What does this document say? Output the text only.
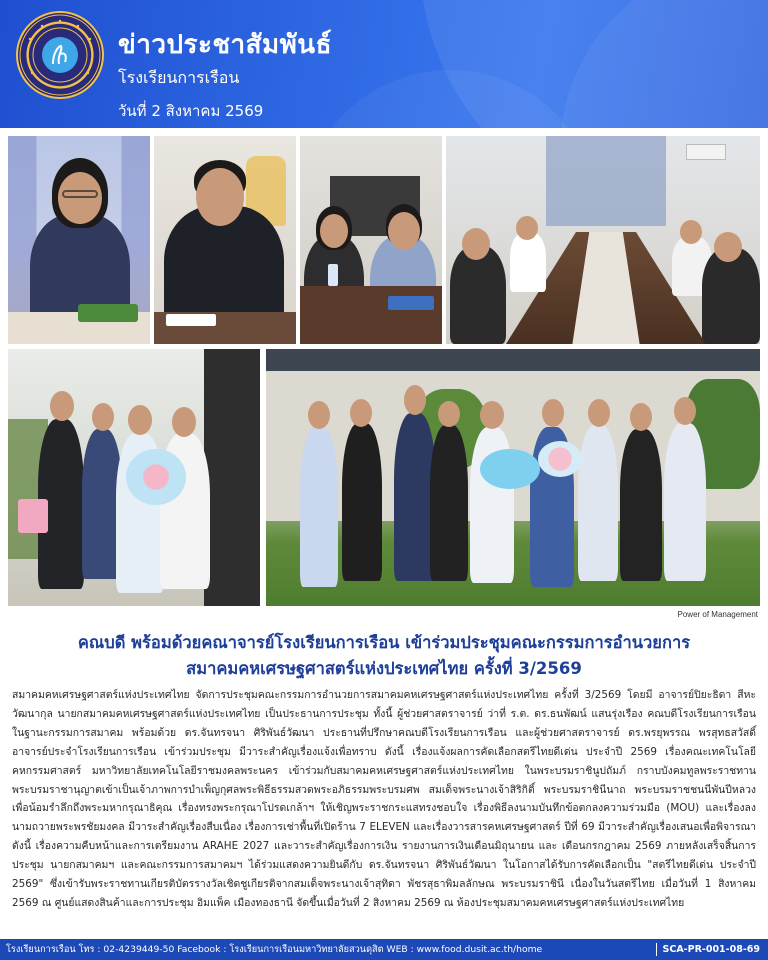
ข่าวประชาสัมพันธ์
โรงเรียนการเรือน
วันที่ 2 สิงหาคม 2569
Power of Management
คณบดี พร้อมด้วยคณาจารย์โรงเรียนการเรือน เข้าร่วมประชุมคณะกรรมการอำนวยการ
สมาคมคหเศรษฐศาสตร์แห่งประเทศไทย ครั้งที่ 3/2569
สมาคมคหเศรษฐศาสตร์แห่งประเทศไทย จัดการประชุมคณะกรรมการอำนวยการสมาคมคหเศรษฐศาสตร์แห่งประเทศไทย ครั้งที่ 3/2569 โดยมี อาจารย์ปิยะธิดา สีหะวัฒนากุล นายกสมาคมคหเศรษฐศาสตร์แห่งประเทศไทย เป็นประธานการประชุม ทั้งนี้ ผู้ช่วยศาสตราจารย์ ว่าที่ ร.ต. ดร.ธนพัฒน์ แสนรุ่งเรือง คณบดีโรงเรียนการเรือน ในฐานะกรรมการสมาคม พร้อมด้วย ดร.จันทรจนา ศิริพันธ์วัฒนา ประธานที่ปรึกษาคณบดีโรงเรียนการเรือน และผู้ช่วยศาสตราจารย์ ดร.พรยุพรรณ พรสุทธสวัสดิ์ อาจารย์ประจำโรงเรียนการเรือน เข้าร่วมประชุม มีวาระสำคัญเรื่องแจ้งเพื่อทราบ ดังนี้ เรื่องแจ้งผลการคัดเลือกสตรีไทยดีเด่น ประจำปี 2569 เรื่องคณะเทคโนโลยีคหกรรมศาสตร์ มหาวิทยาลัยเทคโนโลยีราชมงคลพระนคร เข้าร่วมกับสมาคมคหเศรษฐศาสตร์แห่งประเทศไทย ในพระบรมราชินูปถัมภ์ กราบบังคมทูลพระราชทานพระบรมราชานุญาตเข้าเป็นเจ้าภาพการบำเพ็ญกุศลพระพิธีธรรมสวดพระอภิธรรมพระบรมศพ สมเด็จพระนางเจ้าสิริกิติ์ พระบรมราชินีนาถ พระบรมราชชนนีพันปีหลวง เพื่อน้อมรำลึกถึงพระมหากรุณาธิคุณ เรื่องทรงพระกรุณาโปรดเกล้าฯ ให้เชิญพระราชกระแสทรงชอบใจ เรื่องพิธีลงนามบันทึกข้อตกลงความร่วมมือ (MOU) และเรื่องลงนามถวายพระพรชัยมงคล มีวาระสำคัญเรื่องสืบเนื่อง เรื่องการเช่าพื้นที่เปิดร้าน 7 ELEVEN และเรื่องวารสารคหเศรษฐศาสตร์ ปีที่ 69 มีวาระสำคัญเรื่องเสนอเพื่อพิจารณา ดังนี้ เรื่องความคืบหน้าและการเตรียมงาน ARAHE 2027 และวาระสำคัญเรื่องการเงิน รายงานการเงินเดือนมิถุนายน และ เดือนกรกฎาคม 2569 ภายหลังเสร็จสิ้นการประชุม นายกสมาคมฯ และคณะกรรมการสมาคมฯ ได้ร่วมแสดงความยินดีกับ ดร.จันทรจนา ศิริพันธ์วัฒนา ในโอกาสได้รับการคัดเลือกเป็น "สตรีไทยดีเด่น ประจำปี 2569" ซึ่งเข้ารับพระราชทานเกียรติบัตรรางวัลเชิดชูเกียรติจากสมเด็จพระนางเจ้าสุทิดา พัชรสุธาพิมลลักษณ พระบรมราชินี เนื่องในวันสตรีไทย เมื่อวันที่ 1 สิงหาคม 2569 ณ ศูนย์แสดงสินค้าและการประชุม อิมแพ็ค เมืองทองธานี จัดขึ้นเมื่อวันที่ 2 สิงหาคม 2569 ณ ห้องประชุมสมาคมคหเศรษฐศาสตร์แห่งประเทศไทย
โรงเรียนการเรือน โทร : 02-4239449-50 Facebook : โรงเรียนการเรือนมหาวิทยาลัยสวนดุสิต WEB : www.food.dusit.ac.th/home	SCA-PR-001-08-69
